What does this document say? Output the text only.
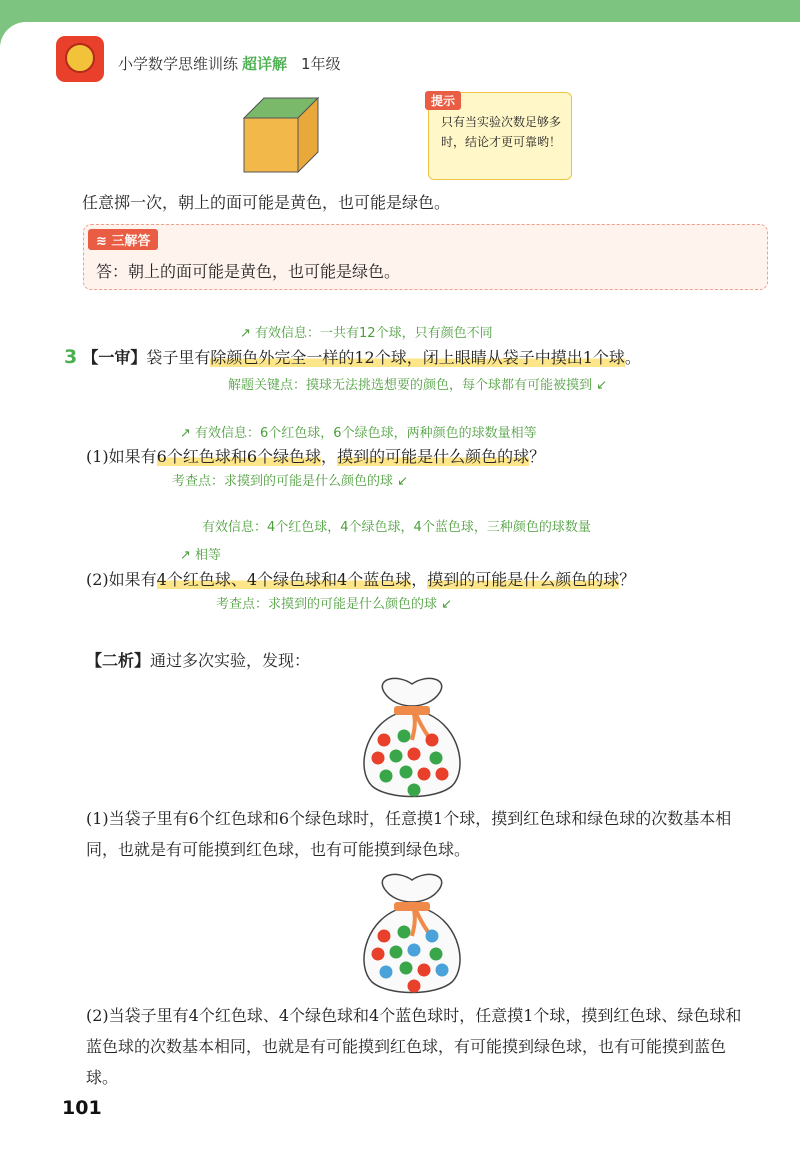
小学数学思维训练 超详解 1年级
提示
只有当实验次数足够多时，结论才更可靠哟！
任意掷一次，朝上的面可能是黄色，也可能是绿色。
≋ 三解答
答：朝上的面可能是黄色，也可能是绿色。
↗ 有效信息：一共有12个球，只有颜色不同
3 【一审】袋子里有除颜色外完全一样的12个球，闭上眼睛从袋子中摸出1个球。
解题关键点：摸球无法挑选想要的颜色，每个球都有可能被摸到 ↙
↗ 有效信息：6个红色球，6个绿色球，两种颜色的球数量相等
(1)如果有6个红色球和6个绿色球，摸到的可能是什么颜色的球？
考查点：求摸到的可能是什么颜色的球 ↙
有效信息：4个红色球，4个绿色球，4个蓝色球，三种颜色的球数量
↗ 相等
(2)如果有4个红色球、4个绿色球和4个蓝色球，摸到的可能是什么颜色的球？
考查点：求摸到的可能是什么颜色的球 ↙
【二析】通过多次实验，发现：
(1)当袋子里有6个红色球和6个绿色球时，任意摸1个球，摸到红色球和绿色球的次数基本相同，也就是有可能摸到红色球，也有可能摸到绿色球。
(2)当袋子里有4个红色球、4个绿色球和4个蓝色球时，任意摸1个球，摸到红色球、绿色球和蓝色球的次数基本相同，也就是有可能摸到红色球，有可能摸到绿色球，也有可能摸到蓝色球。
101
